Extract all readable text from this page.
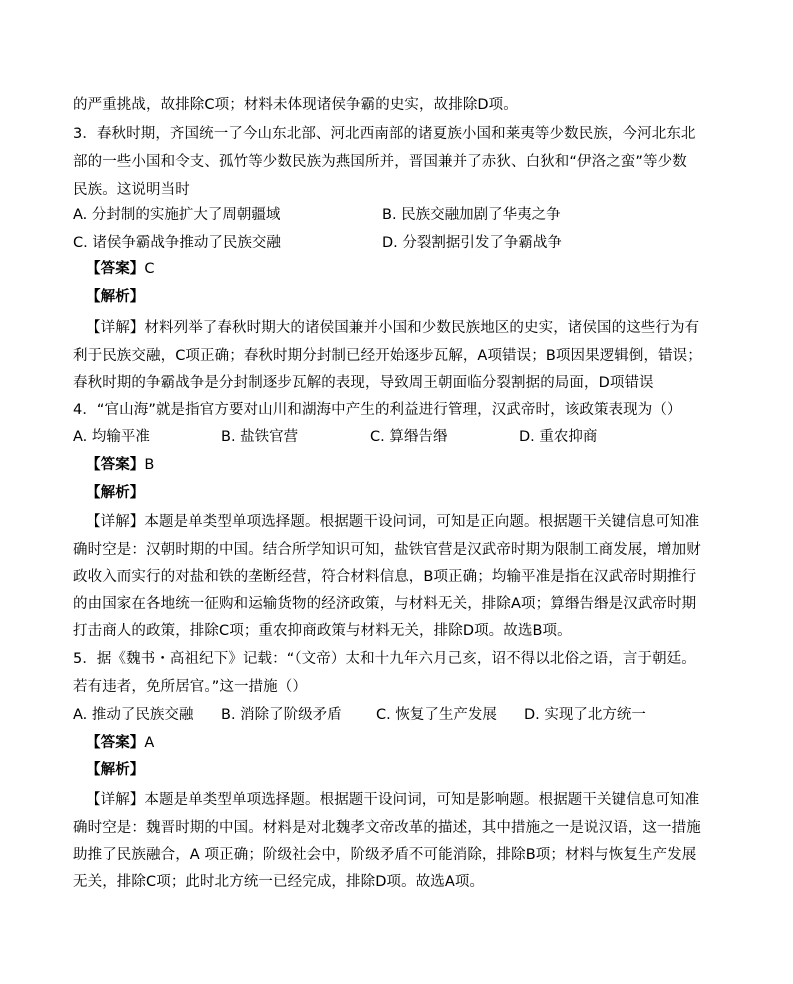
的严重挑战，故排除C项；材料未体现诸侯争霸的史实，故排除D项。
3．春秋时期，齐国统一了今山东北部、河北西南部的诸夏族小国和莱夷等少数民族，今河北东北
部的一些小国和令支、孤竹等少数民族为燕国所并，晋国兼并了赤狄、白狄和“伊洛之蛮”等少数
民族。这说明当时
A. 分封制的实施扩大了周朝疆域	B. 民族交融加剧了华夷之争
C. 诸侯争霸战争推动了民族交融	D. 分裂割据引发了争霸战争
【答案】C
【解析】
【详解】材料列举了春秋时期大的诸侯国兼并小国和少数民族地区的史实，诸侯国的这些行为有
利于民族交融，C项正确；春秋时期分封制已经开始逐步瓦解，A项错误；B项因果逻辑倒，错误；
春秋时期的争霸战争是分封制逐步瓦解的表现，导致周王朝面临分裂割据的局面，D项错误
4．“官山海”就是指官方要对山川和湖海中产生的利益进行管理，汉武帝时，该政策表现为（）
A. 均输平准	B. 盐铁官营	C. 算缗告缗	D. 重农抑商
【答案】B
【解析】
【详解】本题是单类型单项选择题。根据题干设问词，可知是正向题。根据题干关键信息可知准
确时空是：汉朝时期的中国。结合所学知识可知，盐铁官营是汉武帝时期为限制工商发展，增加财
政收入而实行的对盐和铁的垄断经营，符合材料信息，B项正确；均输平准是指在汉武帝时期推行
的由国家在各地统一征购和运输货物的经济政策，与材料无关，排除A项；算缗告缗是汉武帝时期
打击商人的政策，排除C项；重农抑商政策与材料无关，排除D项。故选B项。
5．据《魏书・高祖纪下》记载：“（文帝）太和十九年六月己亥，诏不得以北俗之语，言于朝廷。
若有违者，免所居官。”这一措施（）
A. 推动了民族交融 B. 消除了阶级矛盾 C. 恢复了生产发展 D. 实现了北方统一
【答案】A
【解析】
【详解】本题是单类型单项选择题。根据题干设问词，可知是影响题。根据题干关键信息可知准
确时空是：魏晋时期的中国。材料是对北魏孝文帝改革的描述，其中措施之一是说汉语，这一措施
助推了民族融合，A 项正确；阶级社会中，阶级矛盾不可能消除，排除B项；材料与恢复生产发展
无关，排除C项；此时北方统一已经完成，排除D项。故选A项。
